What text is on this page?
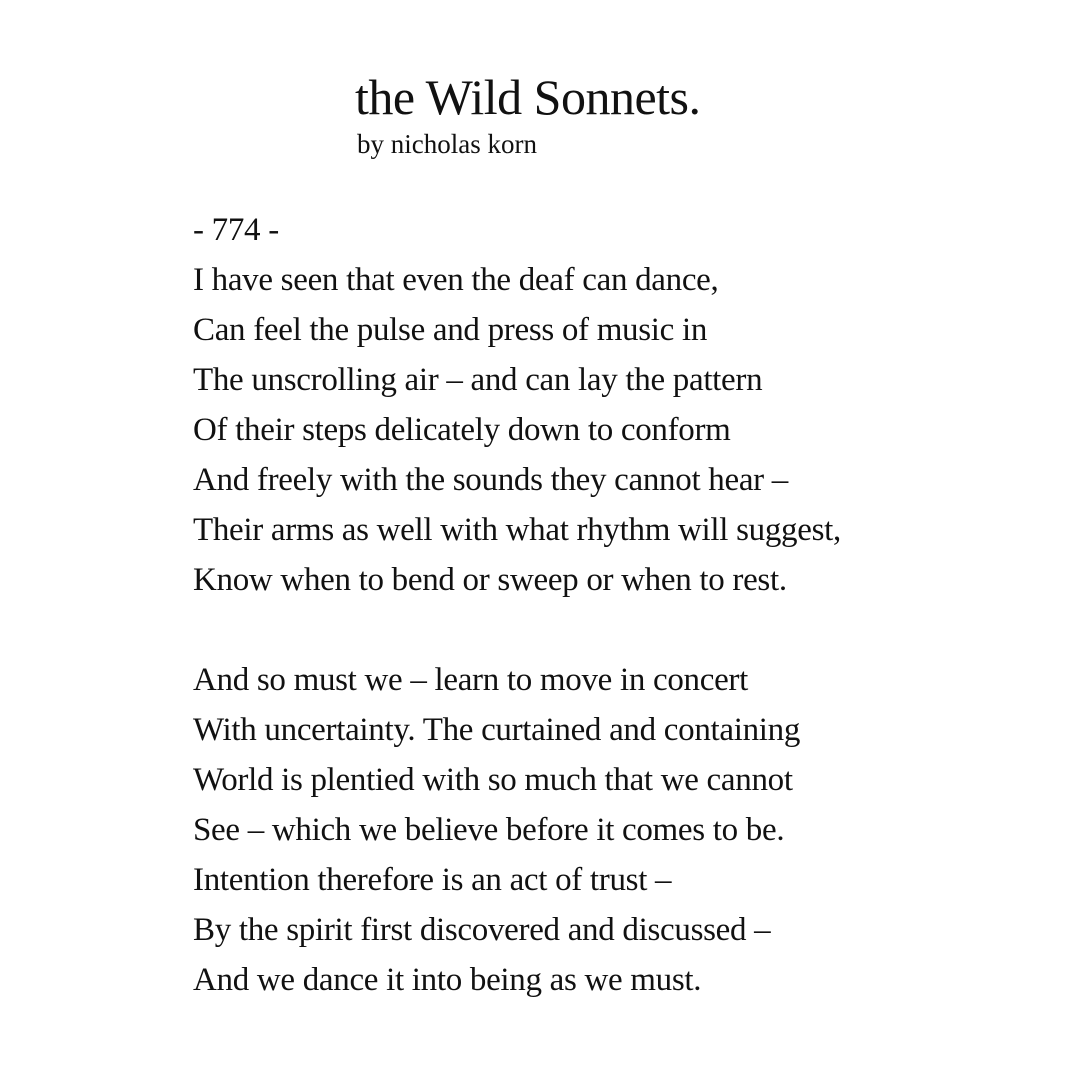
the Wild Sonnets.
by nicholas korn
- 774 -
I have seen that even the deaf can dance,
Can feel the pulse and press of music in
The unscrolling air – and can lay the pattern
Of their steps delicately down to conform
And freely with the sounds they cannot hear –
Their arms as well with what rhythm will suggest,
Know when to bend or sweep or when to rest.
And so must we – learn to move in concert
With uncertainty. The curtained and containing
World is plentied with so much that we cannot
See – which we believe before it comes to be.
Intention therefore is an act of trust –
By the spirit first discovered and discussed –
And we dance it into being as we must.
